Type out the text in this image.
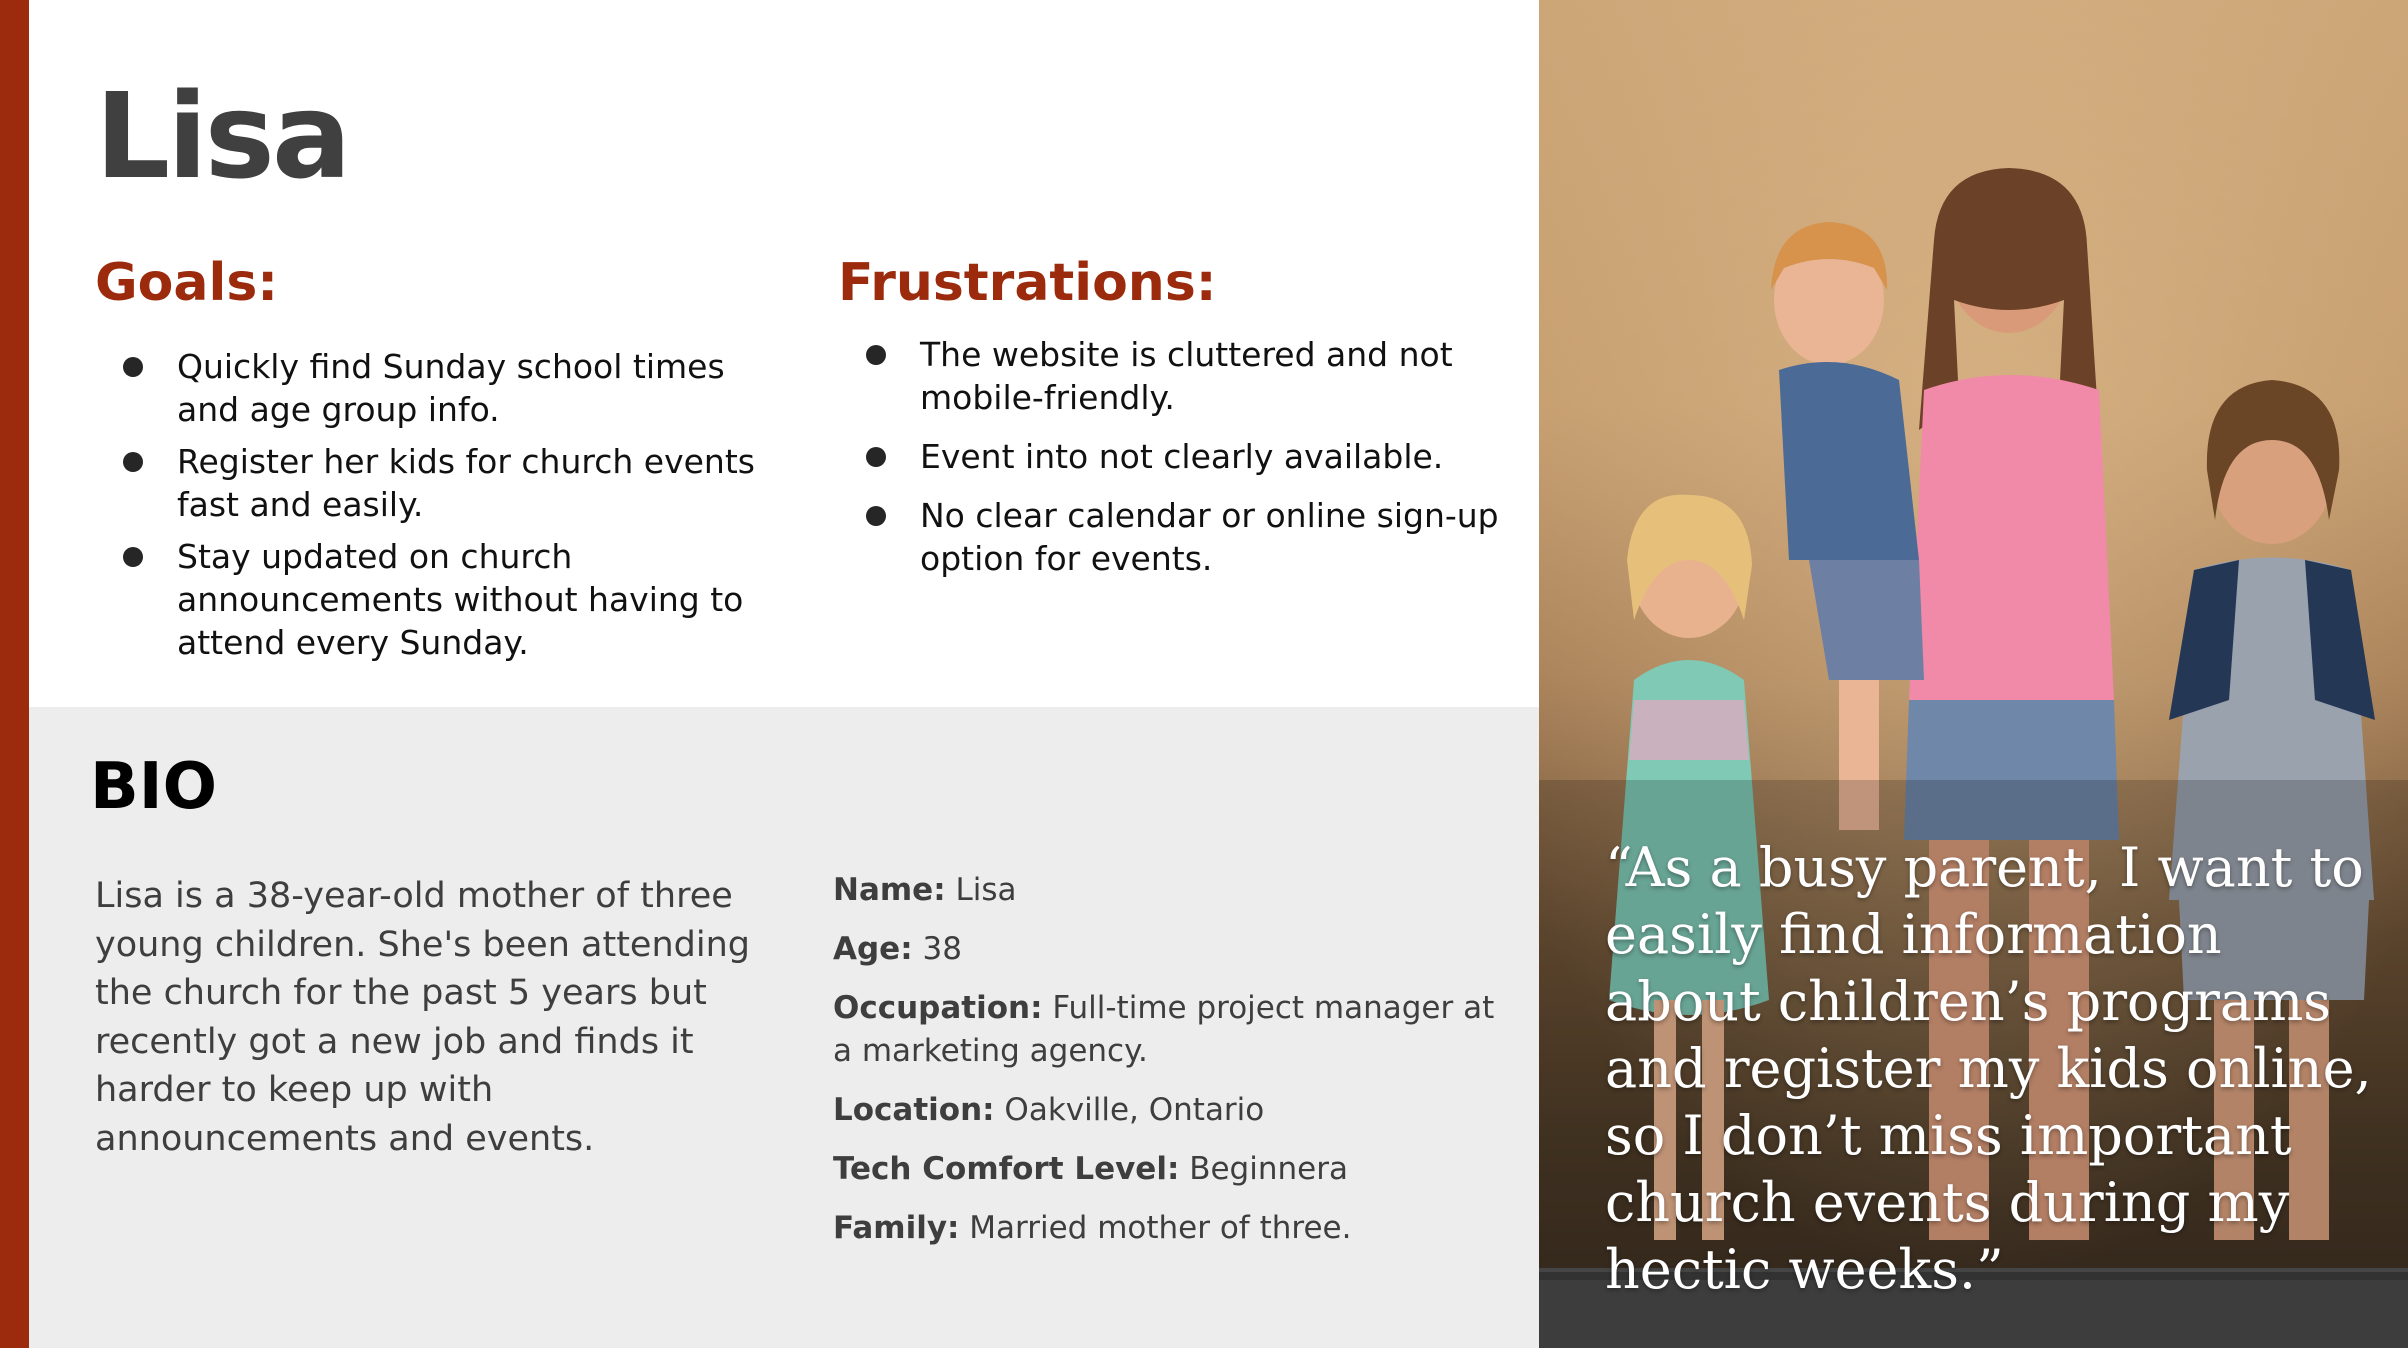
Lisa
Goals:
Quickly find Sunday school times and age group info.
Register her kids for church events fast and easily.
Stay updated on church announcements without having to attend every Sunday.
Frustrations:
The website is cluttered and not mobile-friendly.
Event into not clearly available.
No clear calendar or online sign-up option for events.
BIO

Lisa is a 38-year-old mother of three young children. She's been attending the church for the past 5 years but recently got a new job and finds it harder to keep up with announcements and events.

Name: Lisa
Age: 38
Occupation: Full-time project manager at a marketing agency.
Location: Oakville, Ontario
Tech Comfort Level: Beginnera
Family: Married mother of three.

“As a busy parent, I want to easily find information about children’s programs and register my kids online, so I don’t miss important church events during my hectic weeks.”
